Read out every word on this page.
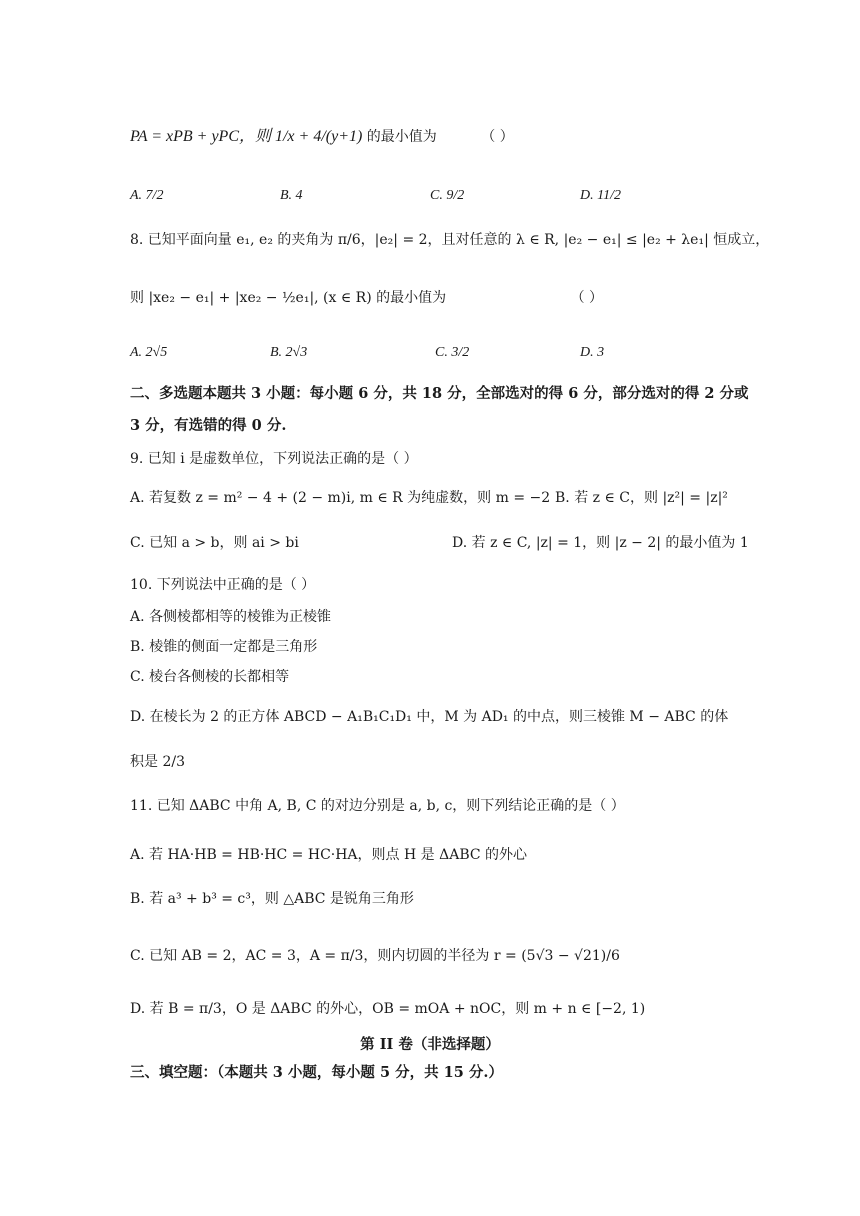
PA = xPB + yPC，则 1/x + 4/(y+1) 的最小值为	（ ）
A. 7/2	B. 4	C. 9/2	D. 11/2
8. 已知平面向量 e₁, e₂ 的夹角为 π/6，|e₂| = 2，且对任意的 λ ∈ R, |e₂ − e₁| ≤ |e₂ + λe₁| 恒成立，
则 |xe₂ − e₁| + |xe₂ − ½e₁|, (x ∈ R) 的最小值为	（ ）
A. 2√5	B. 2√3	C. 3/2	D. 3
二、多选题本题共 3 小题：每小题 6 分，共 18 分，全部选对的得 6 分，部分选对的得 2 分或
3 分，有选错的得 0 分.
9. 已知 i 是虚数单位，下列说法正确的是（ ）
A. 若复数 z = m² − 4 + (2 − m)i, m ∈ R 为纯虚数，则 m = −2 B. 若 z ∈ C，则 |z²| = |z|²
C. 已知 a > b，则 ai > bi	D. 若 z ∈ C, |z| = 1，则 |z − 2| 的最小值为 1
10. 下列说法中正确的是（ ）
A. 各侧棱都相等的棱锥为正棱锥
B. 棱锥的侧面一定都是三角形
C. 棱台各侧棱的长都相等
D. 在棱长为 2 的正方体 ABCD − A₁B₁C₁D₁ 中，M 为 AD₁ 的中点，则三棱锥 M − ABC 的体
积是 2/3
11. 已知 ΔABC 中角 A, B, C 的对边分别是 a, b, c，则下列结论正确的是（ ）
A. 若 HA·HB = HB·HC = HC·HA，则点 H 是 ΔABC 的外心
B. 若 a³ + b³ = c³，则 △ABC 是锐角三角形
C. 已知 AB = 2，AC = 3，A = π/3，则内切圆的半径为 r = (5√3 − √21)/6
D. 若 B = π/3，O 是 ΔABC 的外心，OB = mOA + nOC，则 m + n ∈ [−2, 1)
第 II 卷（非选择题）
三、填空题：（本题共 3 小题，每小题 5 分，共 15 分.）
